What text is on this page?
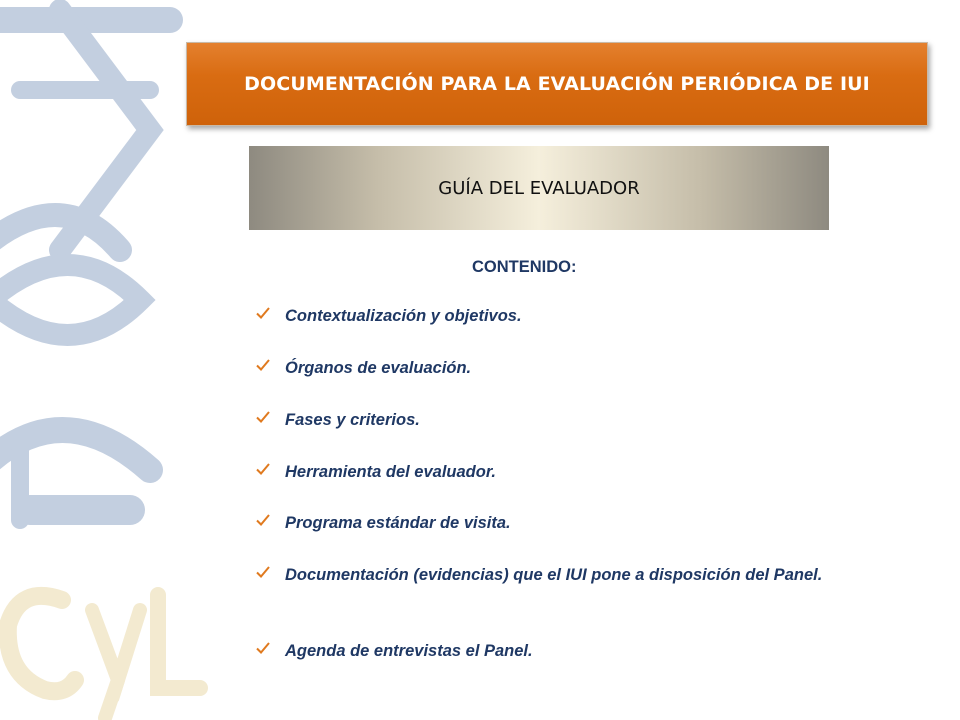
DOCUMENTACIÓN PARA LA EVALUACIÓN PERIÓDICA DE IUI
GUÍA DEL EVALUADOR
CONTENIDO:
Contextualización y objetivos.
Órganos de evaluación.
Fases y criterios.
Herramienta del evaluador.
Programa estándar de visita.
Documentación (evidencias) que el IUI pone a disposición del Panel.
Agenda de entrevistas el Panel.
